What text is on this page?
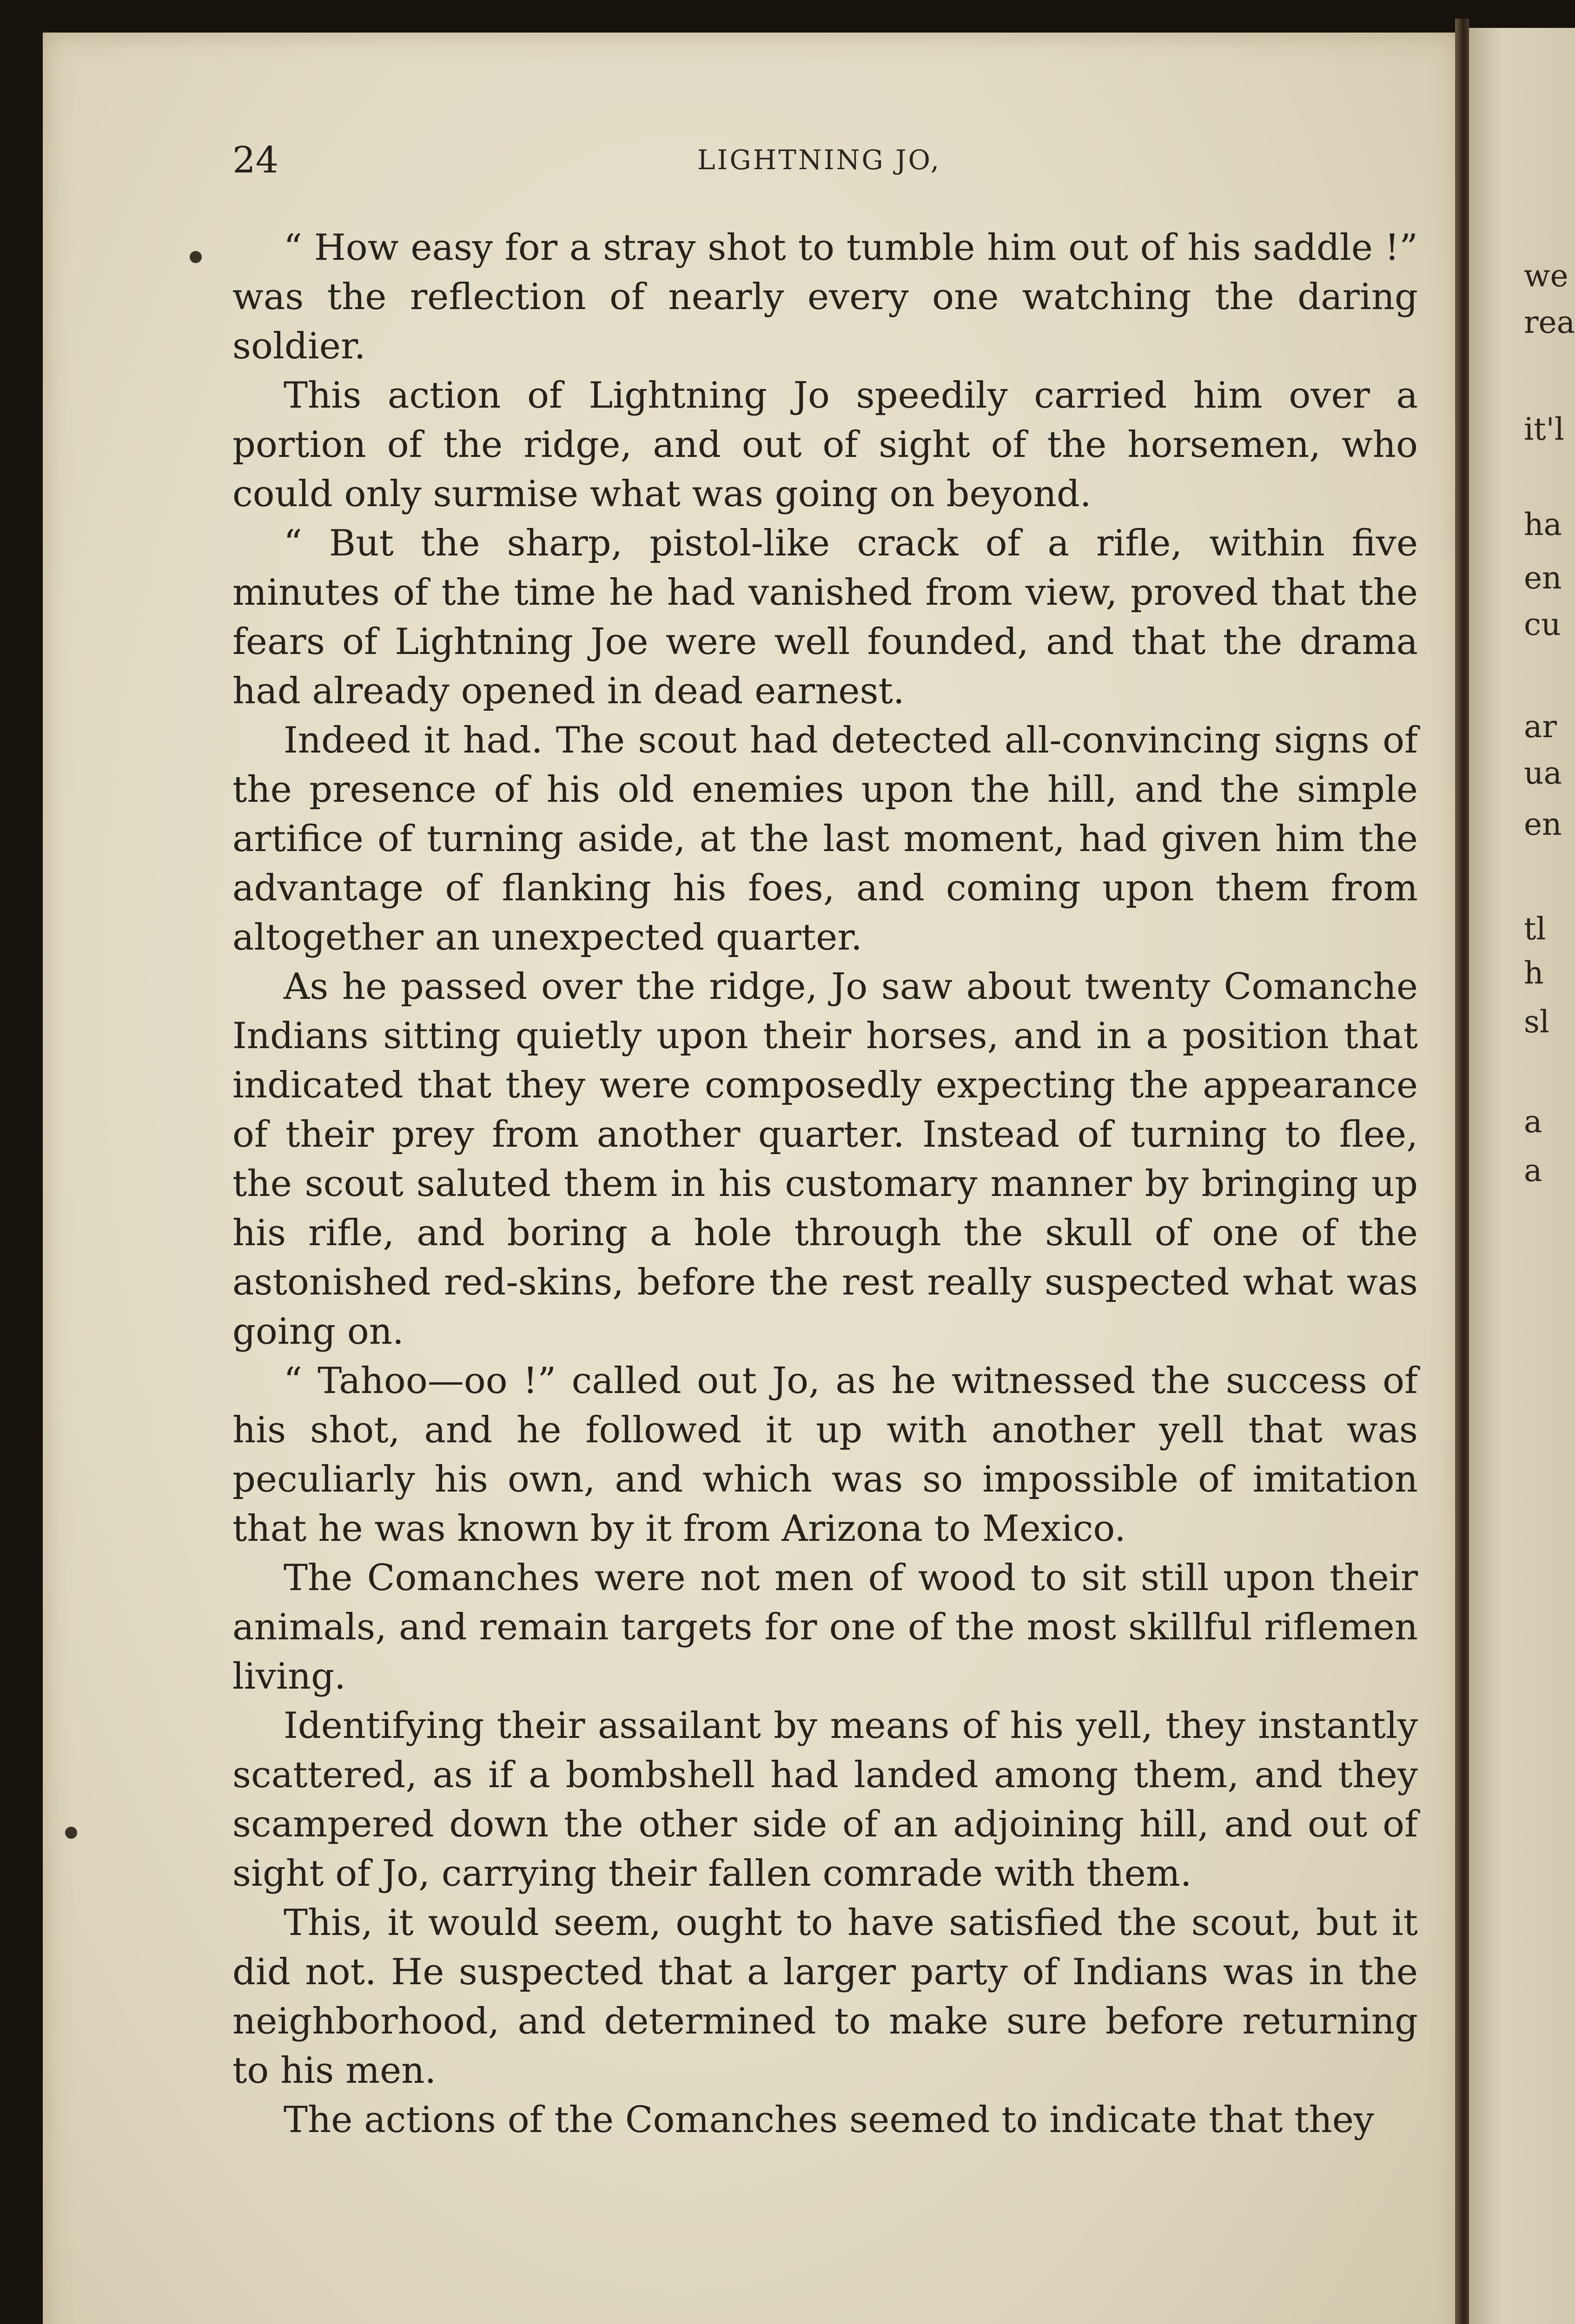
we
rea
it'l
ha
en
cu
ar
ua
en
tl
h
sl
a
a
24	LIGHTNING JO,

“ How easy for a stray shot to tumble him out of his saddle !” was the reflection of nearly every one watching the daring soldier.

This action of Lightning Jo speedily carried him over a portion of the ridge, and out of sight of the horsemen, who could only surmise what was going on beyond.

“ But the sharp, pistol-like crack of a rifle, within five minutes of the time he had vanished from view, proved that the fears of Lightning Joe were well founded, and that the drama had already opened in dead earnest.

Indeed it had. The scout had detected all-convincing signs of the presence of his old enemies upon the hill, and the simple artifice of turning aside, at the last moment, had given him the advantage of flanking his foes, and coming upon them from altogether an unexpected quarter.

As he passed over the ridge, Jo saw about twenty Comanche Indians sitting quietly upon their horses, and in a position that indicated that they were composedly expecting the appearance of their prey from another quarter. Instead of turning to flee, the scout saluted them in his customary manner by bringing up his rifle, and boring a hole through the skull of one of the astonished red-skins, before the rest really suspected what was going on.

“ Tahoo—oo !” called out Jo, as he witnessed the success of his shot, and he followed it up with another yell that was peculiarly his own, and which was so impossible of imitation that he was known by it from Arizona to Mexico.

The Comanches were not men of wood to sit still upon their animals, and remain targets for one of the most skillful riflemen living.

Identifying their assailant by means of his yell, they instantly scattered, as if a bombshell had landed among them, and they scampered down the other side of an adjoining hill, and out of sight of Jo, carrying their fallen comrade with them.

This, it would seem, ought to have satisfied the scout, but it did not. He suspected that a larger party of Indians was in the neighborhood, and determined to make sure before returning to his men.

The actions of the Comanches seemed to indicate that they
